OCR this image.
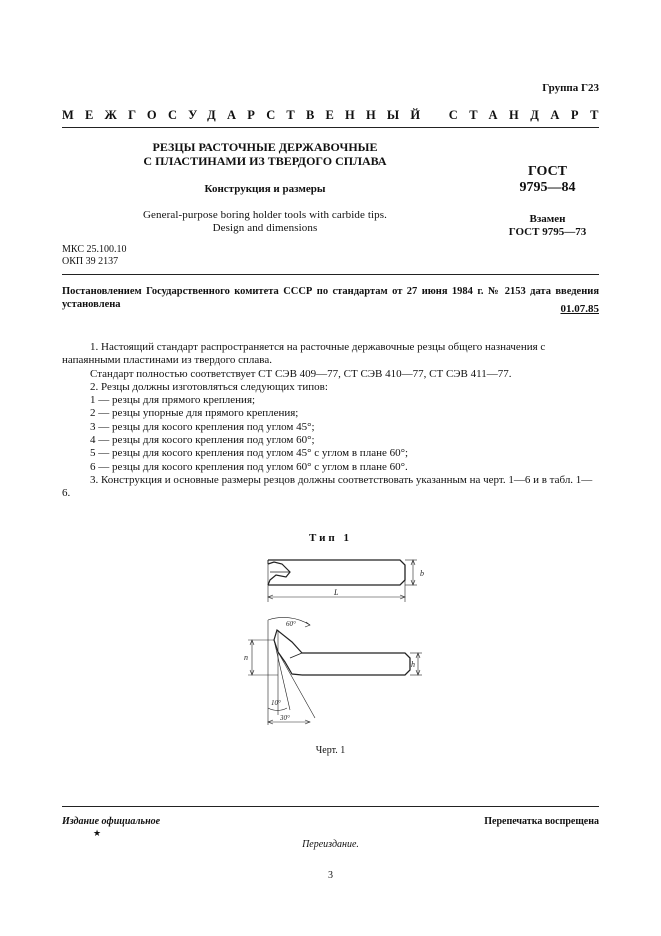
Группа Г23
МЕЖГОСУДАРСТВЕННЫЙ СТАНДАРТ
РЕЗЦЫ РАСТОЧНЫЕ ДЕРЖАВОЧНЫЕ
С ПЛАСТИНАМИ ИЗ ТВЕРДОГО СПЛАВА
Конструкция и размеры
General-purpose boring holder tools with carbide tips.
Design and dimensions
ГОСТ
9795—84
Взамен
ГОСТ 9795—73
МКС 25.100.10
ОКП 39 2137
Постановлением Государственного комитета СССР по стандартам от 27 июня 1984 г. № 2153 дата введения установлена	01.07.85

1. Настоящий стандарт распространяется на расточные державочные резцы общего назначения с напаянными пластинами из твердого сплава.

Стандарт полностью соответствует СТ СЭВ 409—77, СТ СЭВ 410—77, СТ СЭВ 411—77.

2. Резцы должны изготовляться следующих типов:

1 — резцы для прямого крепления;

2 — резцы упорные для прямого крепления;

3 — резцы для косого крепления под углом 45°;

4 — резцы для косого крепления под углом 60°;

5 — резцы для косого крепления под углом 45° с углом в плане 60°;

6 — резцы для косого крепления под углом 60° с углом в плане 60°.

3. Конструкция и основные размеры резцов должны соответствовать указанным на черт. 1—6 и в табл. 1—6.

Тип 1
L
b
h
n
60°
10°
30°
Черт. 1
Издание официальное
★
Перепечатка воспрещена
Переиздание.
3
